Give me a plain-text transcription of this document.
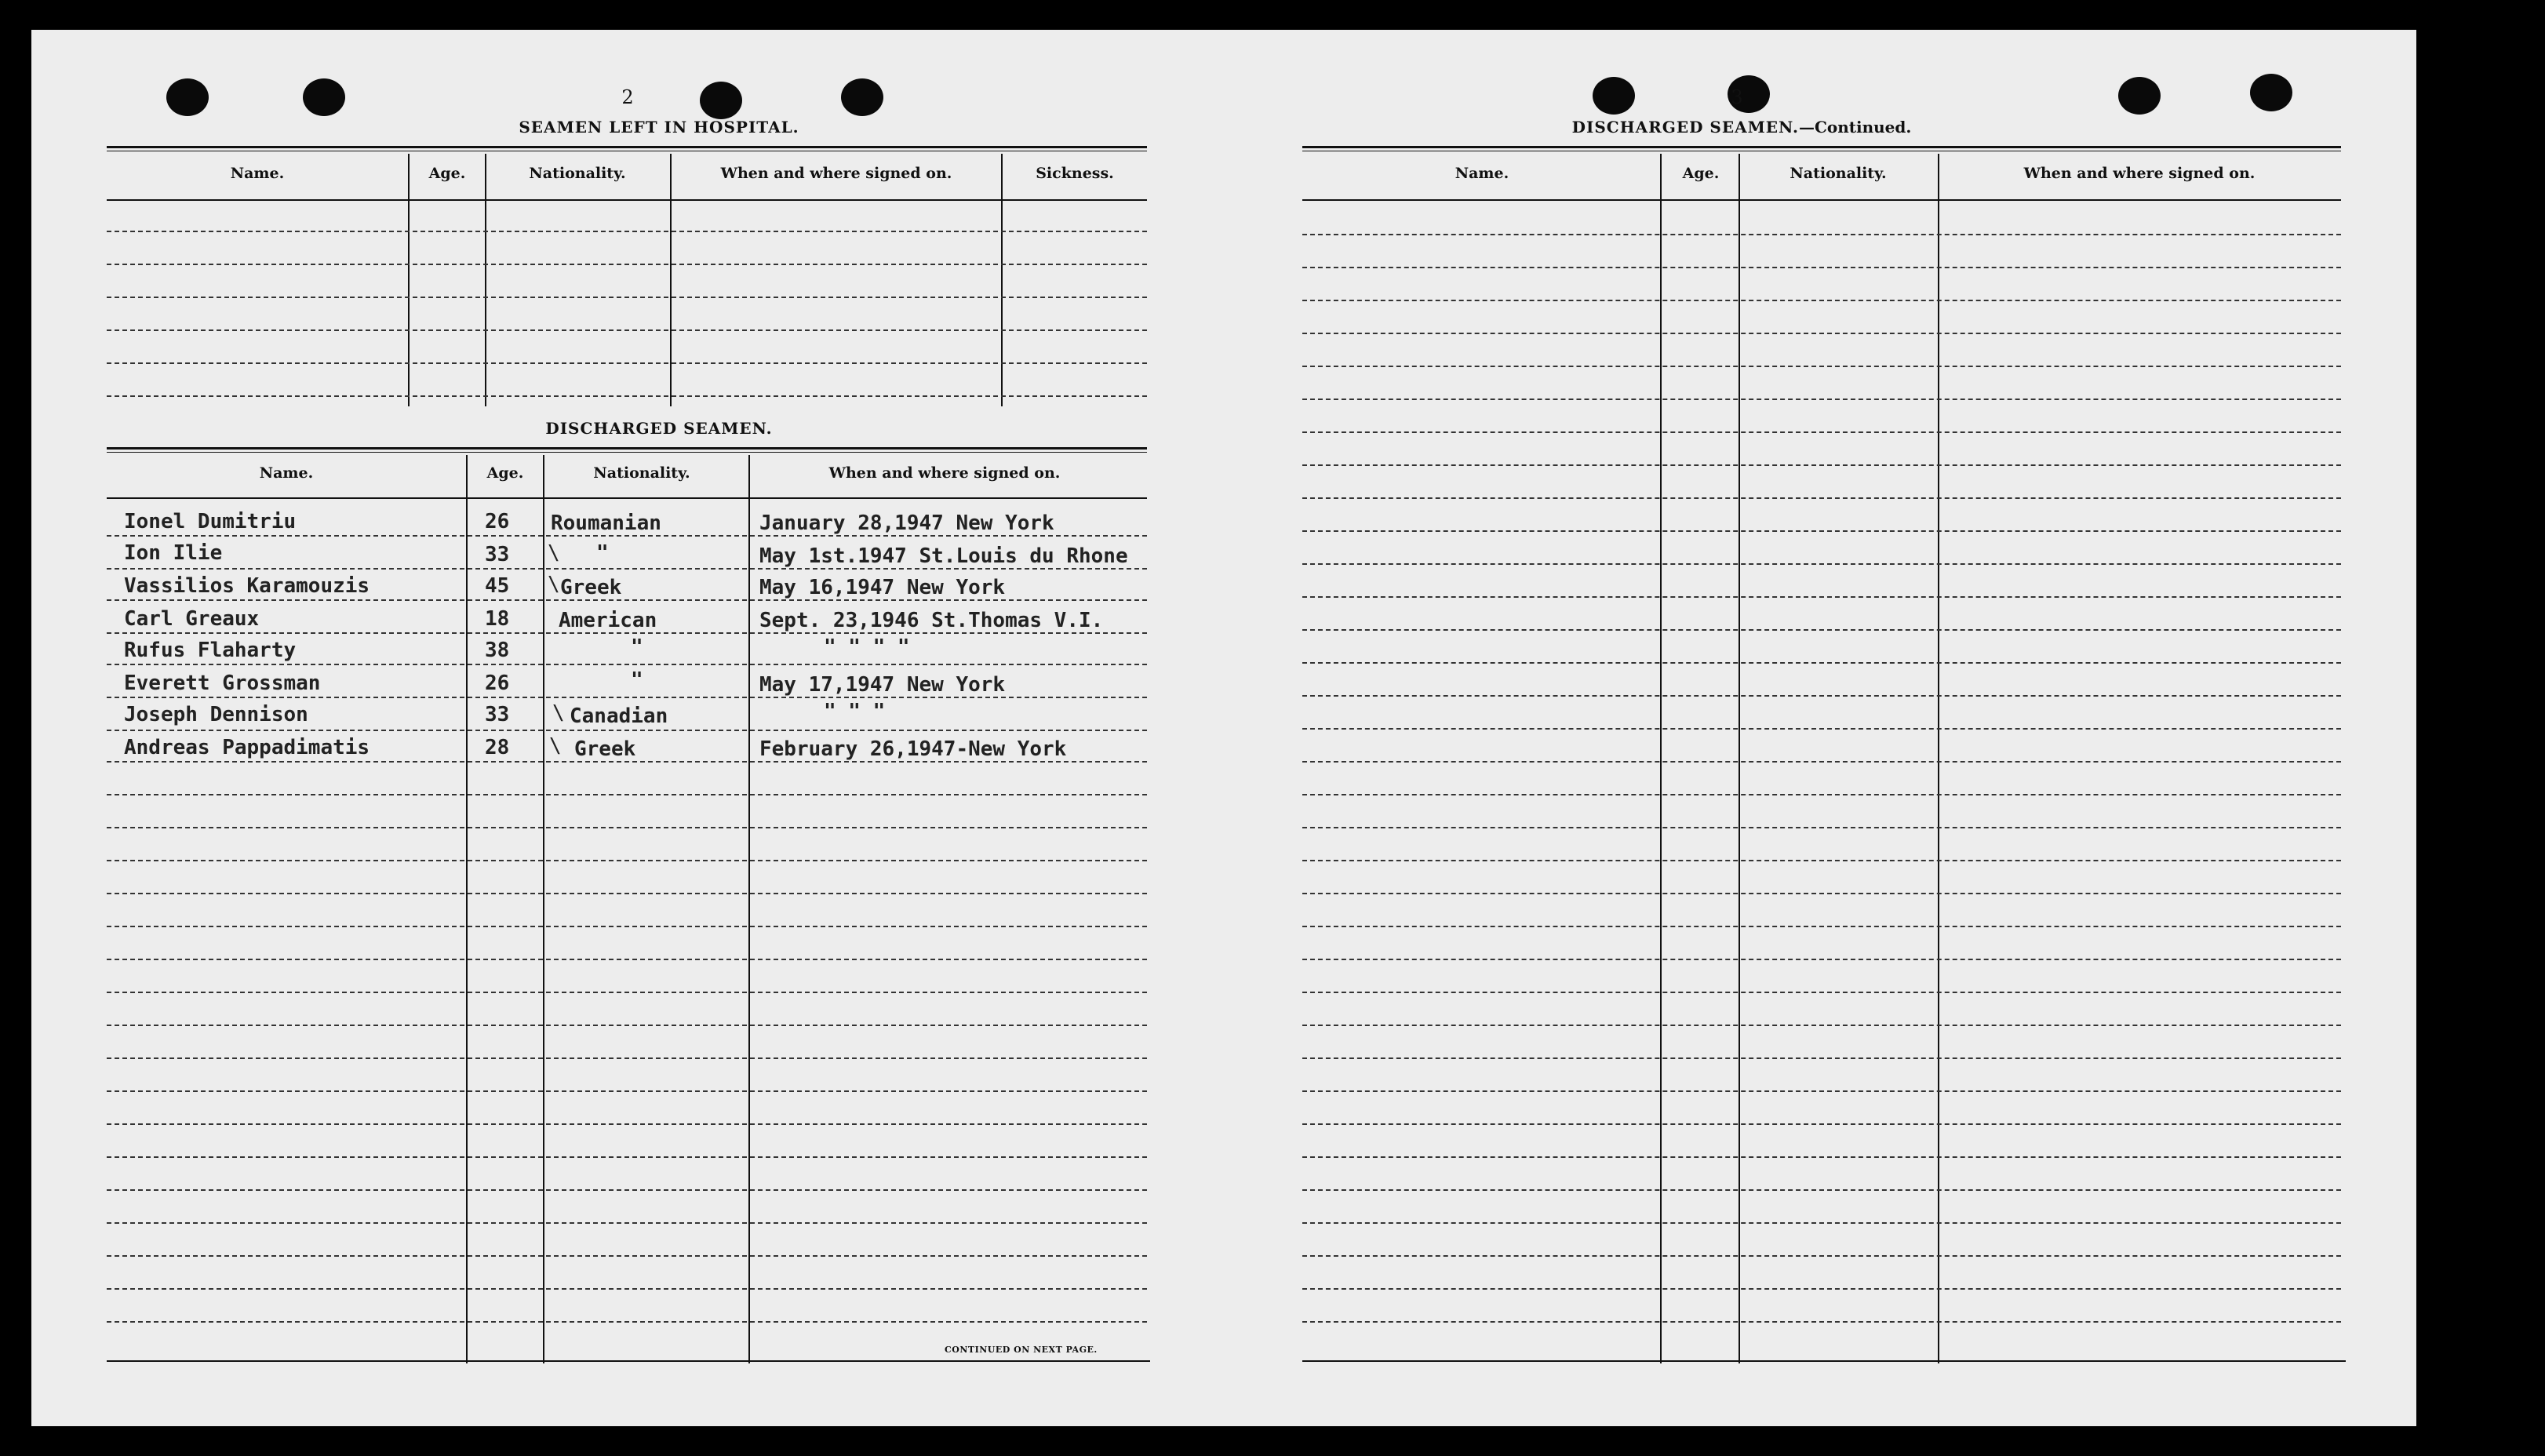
2
SEAMEN LEFT IN HOSPITAL.
Name.	Age.	Nationality.	When and where signed on.	Sickness.
DISCHARGED SEAMEN.
Name.	Age.	Nationality.	When and where signed on.
Ionel Dumitriu	26 Roumanian	January 28,1947 New York
Ion Ilie	33	"	May 1st.1947 St.Louis du Rhone
Vassilios Karamouzis	45 Greek	May 16,1947 New York
Carl Greaux	18 American	Sept. 23,1946 St.Thomas V.I.
Rufus Flaharty	38	"	" " " "
Everett Grossman	26	"	May 17,1947 New York
Joseph Dennison	33	Canadian	" " "
Andreas Pappadimatis	28	Greek	February 26,1947-New York
\
\
\
\
CONTINUED ON NEXT PAGE.
3
DISCHARGED SEAMEN.—Continued.
Name.	Age.	Nationality.	When and where signed on.
